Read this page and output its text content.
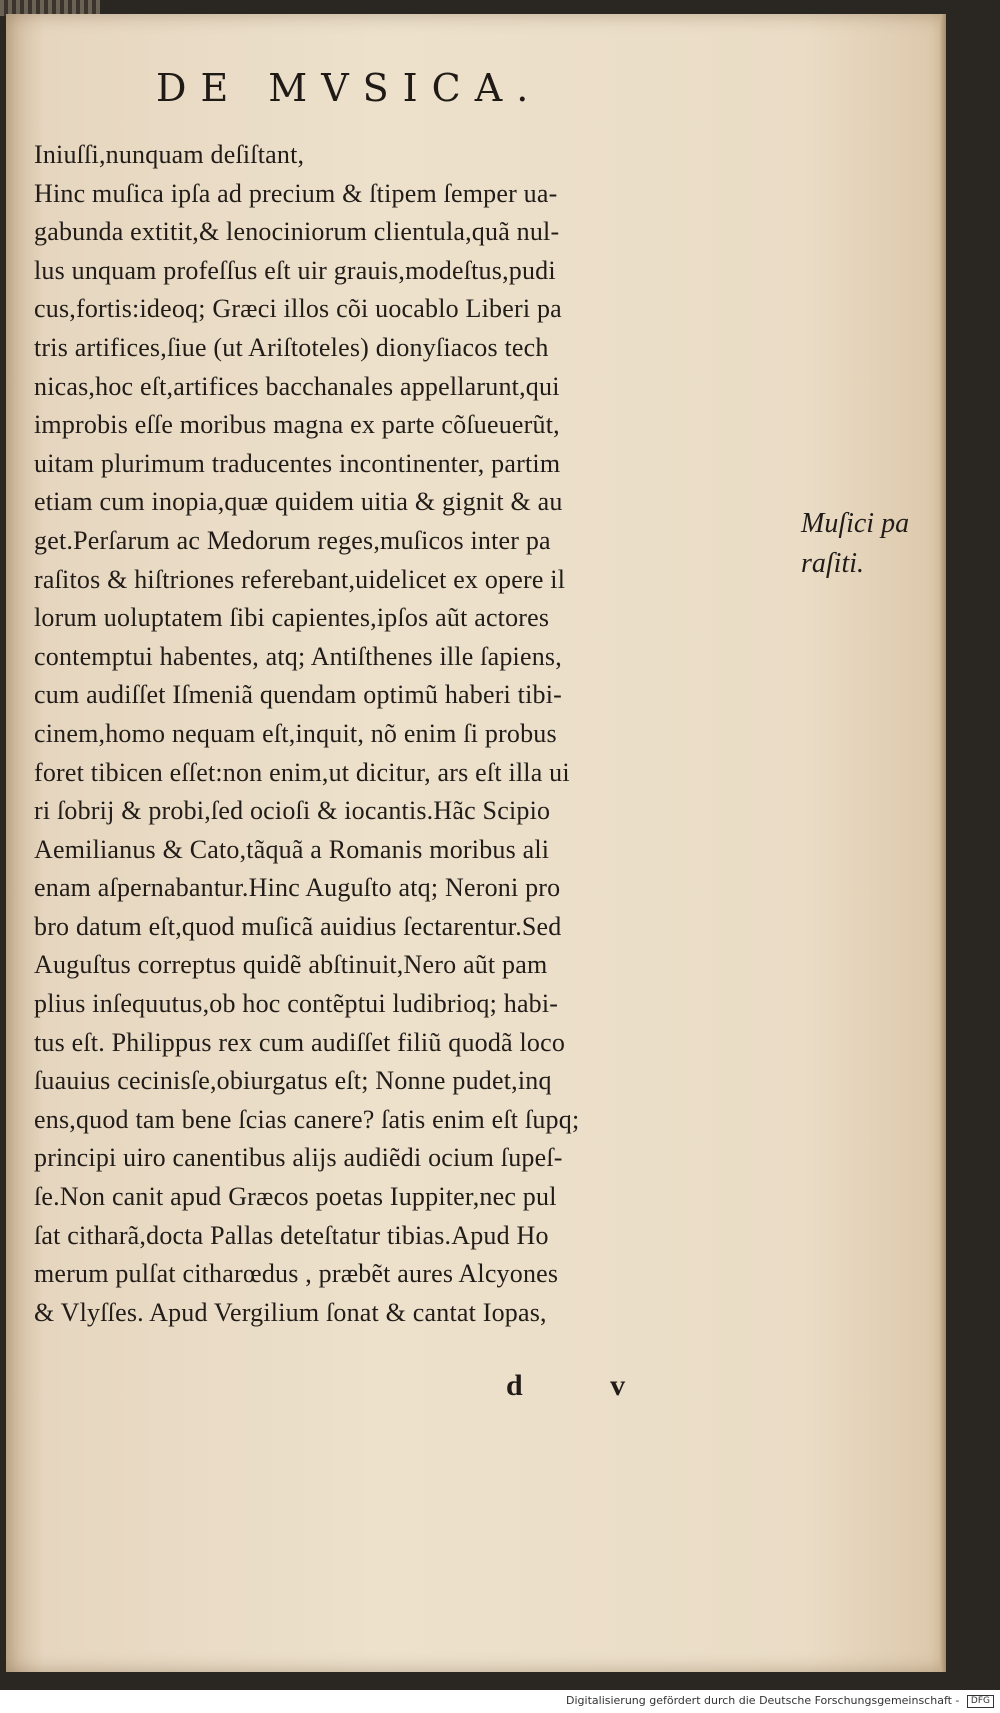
DE MVSICA.
Iniuſſi,nunquam deſiſtant,
Hinc muſica ipſa ad precium & ſtipem ſemper ua-
gabunda extitit,& lenociniorum clientula,quã nul-
lus unquam profeſſus eſt uir grauis,modeſtus,pudi
cus,fortis:ideoq; Græci illos cõi uocablo Liberi pa
tris artifices,ſiue (ut Ariſtoteles) dionyſiacos tech
nicas,hoc eſt,artifices bacchanales appellarunt,qui
improbis eſſe moribus magna ex parte cõſueuerũt,
uitam plurimum traducentes incontinenter, partim
etiam cum inopia,quæ quidem uitia & gignit & au
get.Perſarum ac Medorum reges,muſicos inter pa
raſitos & hiſtriones referebant,uidelicet ex opere il
lorum uoluptatem ſibi capientes,ipſos aũt actores
contemptui habentes, atq; Antiſthenes ille ſapiens,
cum audiſſet Iſmeniã quendam optimũ haberi tibi-
cinem,homo nequam eſt,inquit, nõ enim ſi probus
foret tibicen eſſet:non enim,ut dicitur, ars eſt illa ui
ri ſobrij & probi,ſed ocioſi & iocantis.Hãc Scipio
Aemilianus & Cato,tãquã a Romanis moribus ali
enam aſpernabantur.Hinc Auguſto atq; Neroni pro
bro datum eſt,quod muſicã auidius ſectarentur.Sed
Auguſtus correptus quidẽ abſtinuit,Nero aũt pam
plius inſequutus,ob hoc contẽptui ludibrioq; habi-
tus eſt. Philippus rex cum audiſſet filiũ quodã loco
ſuauius cecinisſe,obiurgatus eſt; Nonne pudet,inq
ens,quod tam bene ſcias canere? ſatis enim eſt ſupq;
principi uiro canentibus alijs audiẽdi ocium ſupeſ-
ſe.Non canit apud Græcos poetas Iuppiter,nec pul
ſat citharã,docta Pallas deteſtatur tibias.Apud Ho
merum pulſat citharœdus , præbẽt aures Alcyones
& Vlyſſes. Apud Vergilium ſonat & cantat Iopas,
Muſici pa
raſiti.
d v
Digitalisierung gefördert durch die Deutsche Forschungsgemeinschaft - DFG
